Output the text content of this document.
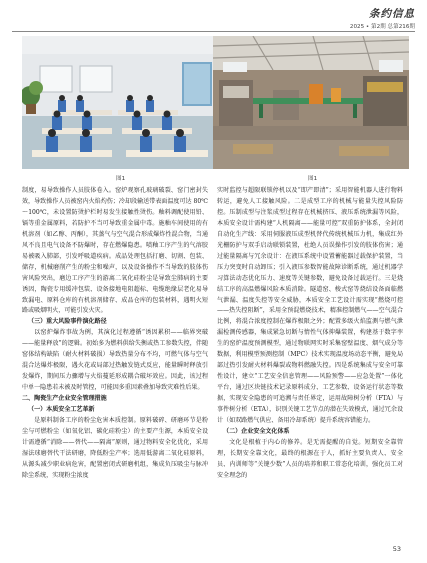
条约信息
2025 • 第2期 总第216期
图1	图1

制度，易导致操作人员肢体卷入。窑炉观察孔玻璃破裂、窑门密封失效，导致操作人员被窑内火焰灼伤；冷却段输送带表面温度可达 80℃～100℃，未设置防烫护栏时易发生接触性烫伤。釉料调配使用铅、镉等重金属原料，若防护不当可导致重金属中毒。施釉车间使用的有机溶剂（如乙醇、丙酮），其蒸气与空气混合形成爆炸性混合物，当通风不良且电气设备不防爆时，存在燃爆隐患。喷釉工序产生的气溶胶易被吸入肺部，引发呼吸道疾病。成品处理包括打磨、切割、包装、储存，机械磨削产生的粉尘和噪声，以及设备操作不当导致的肢体伤害风险突出，磨边工序产生的游离二氧化硅粉尘是导致尘肺病的主要诱因，陶瓷专用缓冲包装、设备接地电阻超标、电缆绝缘层老化易导致漏电、原料仓库的有机溶剂储存、成品仓库的包装材料，遇明火短路或吸烟明火，可能引发火灾。

（三）重大风险事件演化路径

以窑炉爆炸事故为例，其演化过程遵循“诱因累积——临界突破——能量释放”的逻辑。初始多为燃料供给失衡或热工参数失控，伴随窑体结构缺陷（耐火材料破损）导致热量分布不均，可燃气体与空气混合达爆炸极限，遇火花或局部过热触发链式反应，能量瞬时释放引发爆炸，期间压力骤增与火焰蔓延形成耦合破坏效应。因此，该过程中单一隐患若未被及时管控，可能因多重因素叠加导致灾难性后果。

二、陶瓷生产企业安全管理措施

（一）本质安全工艺革新

是原料制备工序的粉尘危害本质控制。原料破碎、研磨环节是粉尘与可燃粉尘（如氧化铝、碳化硅粉尘）的主要产生源，本质安全设计需遵循“消除——替代——隔离”原则，通过物料安全化优化，采用湿法球磨替代干法研磨，降低粉尘产率；选用低游离二氧化硅原料，从源头减少职业病危害，配置密闭式研磨机组，集成负压吸尘与脉冲除尘系统，实现粉尘浓度

实时监控与超限联锁停机以及“即产即清”；采用智能机器人进行物料转运，避免人工接触风险。二是成型工序的机械与能量失控风险防控。压制成型与注浆成型过程存在机械挤压、液压系统泄漏等风险，本质安全设计需构建“人机隔离——能量可控”双重防护体系，全封闭自动化生产线：采用伺服液压成型机替代传统机械压力机，集成红外光栅防护与双手启动联锁装置，杜绝人员误操作引发的肢体伤害；通过能量隔离与冗余设计：在液压系统中设置蓄能器过载保护装置，当压力突变时自动卸压；引入液压参数智能故障诊断系统，通过机器学习算法动态优化压力、速度等关键参数，避免设备过载运行。三是烧结工序的高温燃爆风险本质消除。隧道窑、梭式窑等烧结设备面临燃气泄漏、温度失控等安全威胁，本质安全工艺设计需实现“燃烧可控——热失控阻断”，采用全预混燃烧技术，精准控制燃气——空气混合比例，将混合浓度控制在爆炸极限之外；配置多级火焰监测与燃气泄漏检测传感器，集成紧急切断与惰性气体抑爆装置，构建基于数字孪生的窑炉温度预测模型，通过物联网实时采集窑壁温度、烟气成分等数据，利用模型预测控制（MPC）技术实现温度场动态平衡，避免局部过热引发耐火材料爆裂或物料燃融失控。四是系统集成与安全可靠性设计，建立“工艺安全信息管理——风险预警——应急处置”一体化平台，通过区块链技术记录原料成分、工艺参数、设备运行状态等数据，实现安全隐患的可追溯与责任界定，运用故障树分析（FTA）与事件树分析（ETA），识别关键工艺节点的潜在失效模式，通过冗余设计（如双路燃气供应、备用冷却系统）提升系统容错能力。

（二）企业安全文化体系

文化是根植于内心的修养。是无需提醒的自觉。短期安全靠管理，长期安全靠文化，最终的根源在于人，抓好主要负责人、安全员、内训师等“关键少数”人员的培养和职工常态化培训，强化员工对安全理念的

53
